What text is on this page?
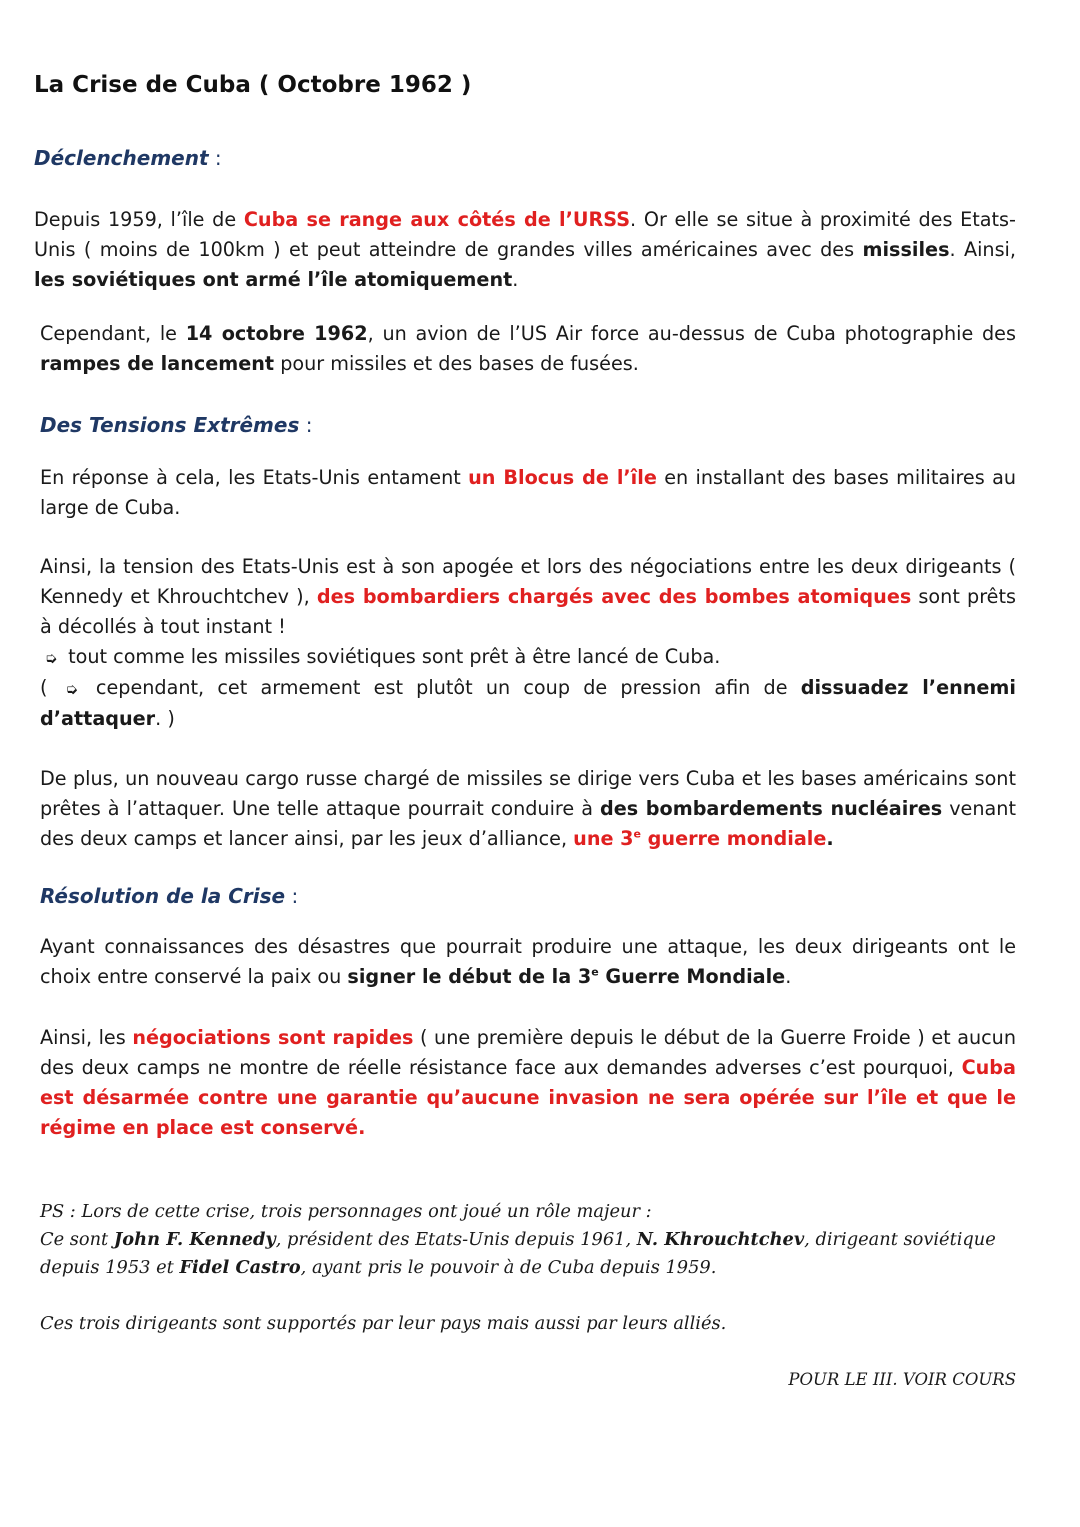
La Crise de Cuba ( Octobre 1962 )
Déclenchement :

Depuis 1959, l’île de Cuba se range aux côtés de l’URSS. Or elle se situe à proximité des Etats-Unis ( moins de 100km ) et peut atteindre de grandes villes américaines avec des missiles. Ainsi, les soviétiques ont armé l’île atomiquement.

Cependant, le 14 octobre 1962, un avion de l’US Air force au-dessus de Cuba photographie des rampes de lancement pour missiles et des bases de fusées.

Des Tensions Extrêmes :

En réponse à cela, les Etats-Unis entament un Blocus de l’île en installant des bases militaires au large de Cuba.

Ainsi, la tension des Etats-Unis est à son apogée et lors des négociations entre les deux dirigeants ( Kennedy et Khrouchtchev ), des bombardiers chargés avec des bombes atomiques sont prêts à décollés à tout instant !
➭ tout comme les missiles soviétiques sont prêt à être lancé de Cuba.
( ➭ cependant, cet armement est plutôt un coup de pression afin de dissuadez l’ennemi d’attaquer. )

De plus, un nouveau cargo russe chargé de missiles se dirige vers Cuba et les bases américains sont prêtes à l’attaquer. Une telle attaque pourrait conduire à des bombardements nucléaires venant des deux camps et lancer ainsi, par les jeux d’alliance, une 3e guerre mondiale.

Résolution de la Crise :

Ayant connaissances des désastres que pourrait produire une attaque, les deux dirigeants ont le choix entre conservé la paix ou signer le début de la 3e Guerre Mondiale.

Ainsi, les négociations sont rapides ( une première depuis le début de la Guerre Froide ) et aucun des deux camps ne montre de réelle résistance face aux demandes adverses c’est pourquoi, Cuba est désarmée contre une garantie qu’aucune invasion ne sera opérée sur l’île et que le régime en place est conservé.

PS : Lors de cette crise, trois personnages ont joué un rôle majeur :
Ce sont John F. Kennedy, président des Etats-Unis depuis 1961, N. Khrouchtchev, dirigeant soviétique depuis 1953 et Fidel Castro, ayant pris le pouvoir à de Cuba depuis 1959.
Ces trois dirigeants sont supportés par leur pays mais aussi par leurs alliés.
POUR LE III. VOIR COURS
